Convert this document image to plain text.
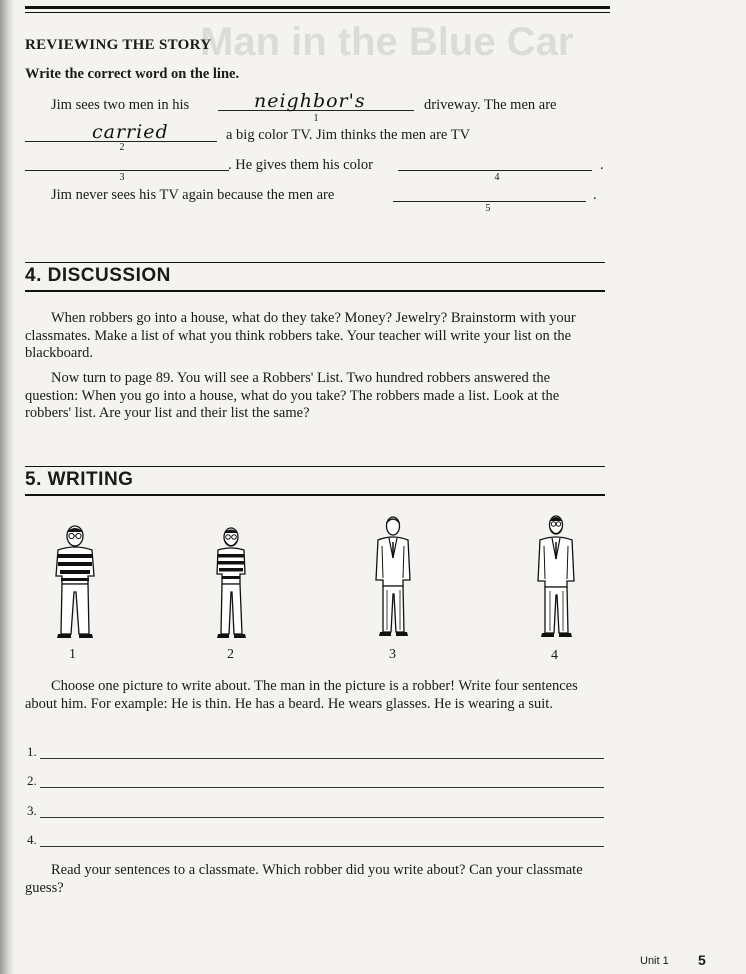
Man in the Blue Car
REVIEWING THE STORY
Write the correct word on the line.
Jim sees two men in his	neighbor's
1
driveway. The men are
carried
2
a big color TV. Jim thinks the men are TV
3
. He gives them his color
4
.
Jim never sees his TV again because the men are
5
.
4. DISCUSSION
When robbers go into a house, what do they take? Money? Jewelry? Brainstorm with your classmates. Make a list of what you think robbers take. Your teacher will write your list on the blackboard.
Now turn to page 89. You will see a Robbers' List. Two hundred robbers answered the question: When you go into a house, what do you take? The robbers made a list. Look at the robbers' list. Are your list and their list the same?
5. WRITING
1	2	3	4
Choose one picture to write about. The man in the picture is a robber! Write four sentences about him. For example: He is thin. He has a beard. He wears glasses. He is wearing a suit.
1.
2.
3.
4.
Read your sentences to a classmate. Which robber did you write about? Can your classmate guess?
Unit 1 5
